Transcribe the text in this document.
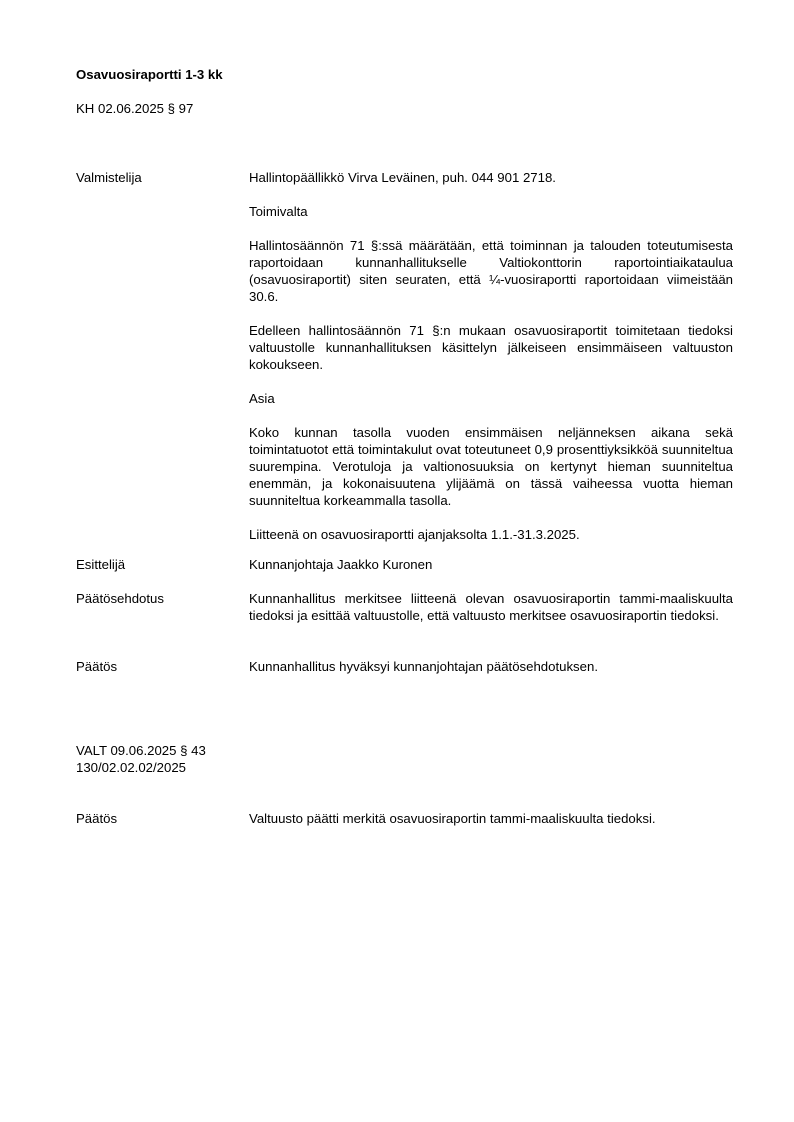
Osavuosiraportti 1-3 kk
KH 02.06.2025 § 97
Valmistelija	Hallintopäällikkö Virva Leväinen, puh. 044 901 2718.

Toimivalta

Hallintosäännön 71 §:ssä määrätään, että toiminnan ja talouden toteutumisesta raportoidaan kunnanhallitukselle Valtiokonttorin raportointiaikataulua (osavuosiraportit) siten seuraten, että ¼-vuosiraportti raportoidaan viimeistään 30.6.

Edelleen hallintosäännön 71 §:n mukaan osavuosiraportit toimitetaan tiedoksi valtuustolle kunnanhallituksen käsittelyn jälkeiseen ensimmäiseen valtuuston kokoukseen.

Asia

Koko kunnan tasolla vuoden ensimmäisen neljänneksen aikana sekä toimintatuotot että toimintakulut ovat toteutuneet 0,9 prosenttiyksikköä suunniteltua suurempina. Verotuloja ja valtionosuuksia on kertynyt hieman suunniteltua enemmän, ja kokonaisuutena ylijäämä on tässä vaiheessa vuotta hieman suunniteltua korkeammalla tasolla.

Liitteenä on osavuosiraportti ajanjaksolta 1.1.-31.3.2025.

Esittelijä	Kunnanjohtaja Jaakko Kuronen
Päätösehdotus	Kunnanhallitus merkitsee liitteenä olevan osavuosiraportin tammi-maaliskuulta tiedoksi ja esittää valtuustolle, että valtuusto merkitsee osavuosiraportin tiedoksi.

Päätös	Kunnanhallitus hyväksyi kunnanjohtajan päätösehdotuksen.
VALT 09.06.2025 § 43
130/02.02.02/2025
Päätös	Valtuusto päätti merkitä osavuosiraportin tammi-maaliskuulta tiedoksi.
